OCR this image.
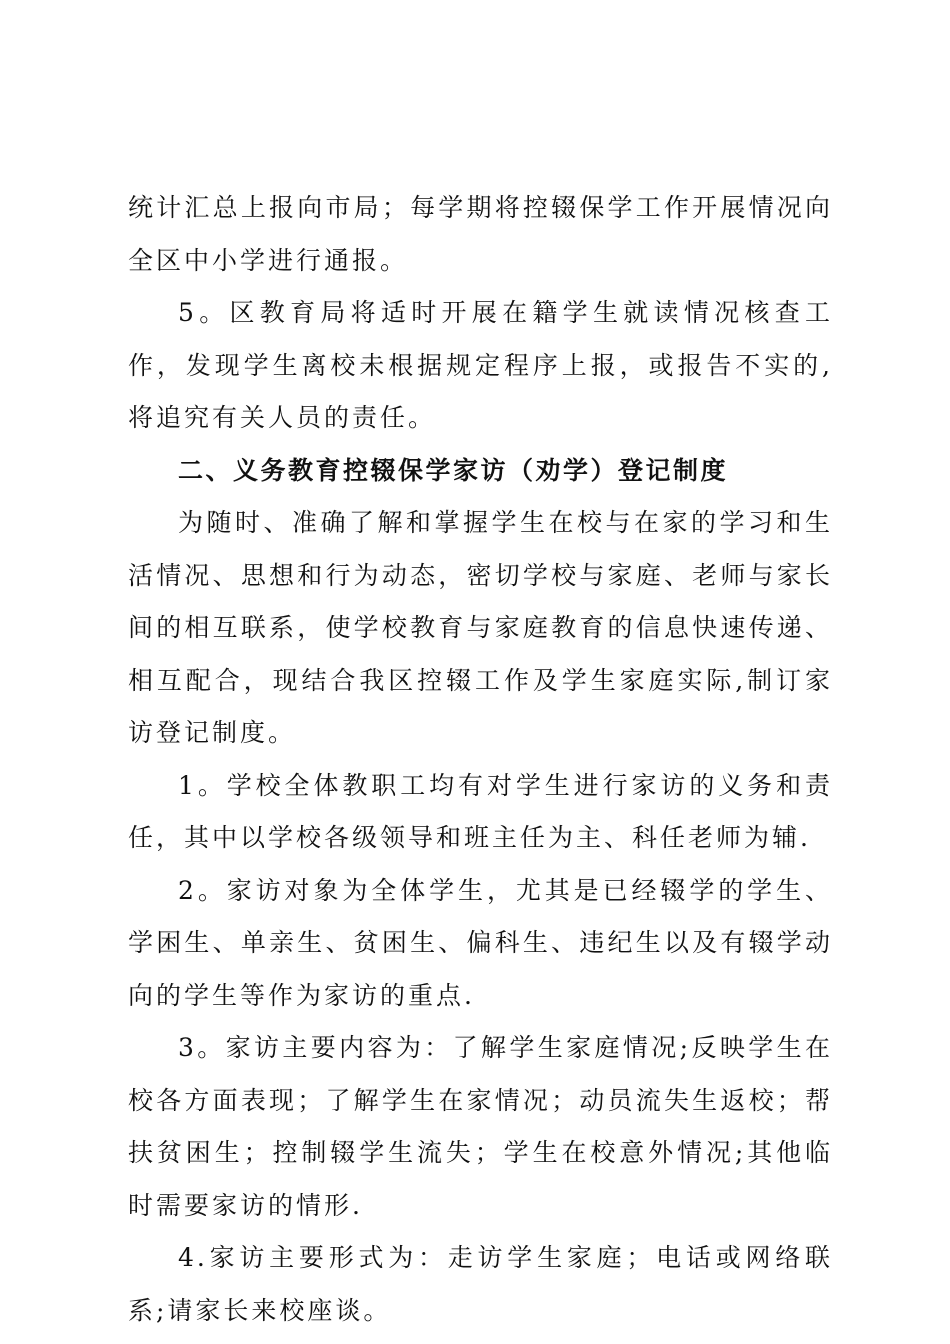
统计汇总上报向市局；每学期将控辍保学工作开展情况向全区中小学进行通报。

5。区教育局将适时开展在籍学生就读情况核查工作，发现学生离校未根据规定程序上报，或报告不实的,将追究有关人员的责任。

二、义务教育控辍保学家访（劝学）登记制度

为随时、准确了解和掌握学生在校与在家的学习和生活情况、思想和行为动态，密切学校与家庭、老师与家长间的相互联系，使学校教育与家庭教育的信息快速传递、相互配合，现结合我区控辍工作及学生家庭实际,制订家访登记制度。

1。学校全体教职工均有对学生进行家访的义务和责任，其中以学校各级领导和班主任为主、科任老师为辅.

2。家访对象为全体学生，尤其是已经辍学的学生、学困生、单亲生、贫困生、偏科生、违纪生以及有辍学动向的学生等作为家访的重点.

3。家访主要内容为：了解学生家庭情况;反映学生在校各方面表现；了解学生在家情况；动员流失生返校；帮扶贫困生；控制辍学生流失；学生在校意外情况;其他临时需要家访的情形.

4.家访主要形式为：走访学生家庭；电话或网络联系;请家长来校座谈。
